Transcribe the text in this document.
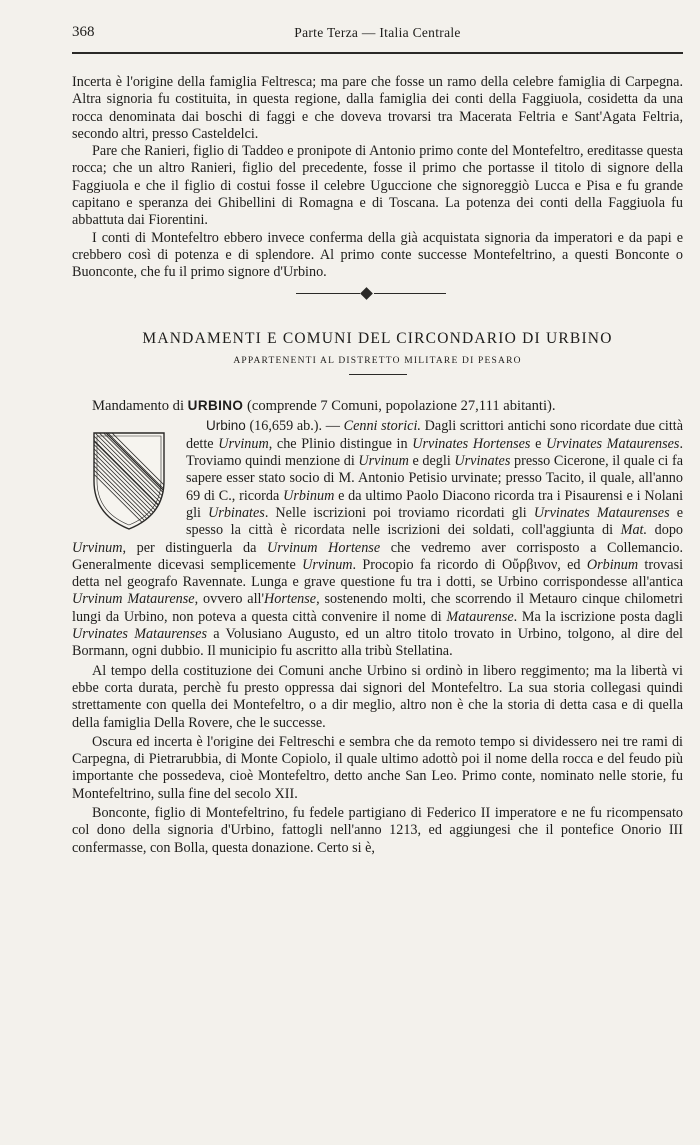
368	Parte Terza — Italia Centrale

Incerta è l'origine della famiglia Feltresca; ma pare che fosse un ramo della celebre famiglia di Carpegna. Altra signoria fu costituita, in questa regione, dalla famiglia dei conti della Faggiuola, cosidetta da una rocca denominata dai boschi di faggi e che doveva trovarsi tra Macerata Feltria e Sant'Agata Feltria, secondo altri, presso Casteldelci.

Pare che Ranieri, figlio di Taddeo e pronipote di Antonio primo conte del Montefeltro, ereditasse questa rocca; che un altro Ranieri, figlio del precedente, fosse il primo che portasse il titolo di signore della Faggiuola e che il figlio di costui fosse il celebre Uguccione che signoreggiò Lucca e Pisa e fu grande capitano e speranza dei Ghibellini di Romagna e di Toscana. La potenza dei conti della Faggiuola fu abbattuta dai Fiorentini.

I conti di Montefeltro ebbero invece conferma della già acquistata signoria da imperatori e da papi e crebbero così di potenza e di splendore. Al primo conte successe Montefeltrino, a questi Bonconte o Buonconte, che fu il primo signore d'Urbino.

MANDAMENTI E COMUNI DEL CIRCONDARIO DI URBINO
APPARTENENTI AL DISTRETTO MILITARE DI PESARO
Mandamento di URBINO (comprende 7 Comuni, popolazione 27,111 abitanti).

Urbino (16,659 ab.). — Cenni storici. Dagli scrittori antichi sono ricordate due città dette Urvinum, che Plinio distingue in Urvinates Hortenses e Urvinates Mataurenses. Troviamo quindi menzione di Urvinum e degli Urvinates presso Cicerone, il quale ci fa sapere esser stato socio di M. Antonio Petisio urvinate; presso Tacito, il quale, all'anno 69 di C., ricorda Urbinum e da ultimo Paolo Diacono ricorda tra i Pisaurensi e i Nolani gli Urbinates. Nelle iscrizioni poi troviamo ricordati gli Urvinates Mataurenses e spesso la città è ricordata nelle iscrizioni dei soldati, coll'aggiunta di Mat. dopo Urvinum, per distinguerla da Urvinum Hortense che vedremo aver corrisposto a Collemancio. Generalmente dicevasi semplicemente Urvinum. Procopio fa ricordo di Οὔρβινον, ed Orbinum trovasi detta nel geografo Ravennate. Lunga e grave questione fu tra i dotti, se Urbino corrispondesse all'antica Urvinum Mataurense, ovvero all'Hortense, sostenendo molti, che scorrendo il Metauro cinque chilometri lungi da Urbino, non poteva a questa città convenire il nome di Mataurense. Ma la iscrizione posta dagli Urvinates Mataurenses a Volusiano Augusto, ed un altro titolo trovato in Urbino, tolgono, al dire del Bormann, ogni dubbio. Il municipio fu ascritto alla tribù Stellatina.

Al tempo della costituzione dei Comuni anche Urbino si ordinò in libero reggimento; ma la libertà vi ebbe corta durata, perchè fu presto oppressa dai signori del Montefeltro. La sua storia collegasi quindi strettamente con quella dei Montefeltro, o a dir meglio, altro non è che la storia di detta casa e di quella della famiglia Della Rovere, che le successe.

Oscura ed incerta è l'origine dei Feltreschi e sembra che da remoto tempo si dividessero nei tre rami di Carpegna, di Pietrarubbia, di Monte Copiolo, il quale ultimo adottò poi il nome della rocca e del feudo più importante che possedeva, cioè Montefeltro, detto anche San Leo. Primo conte, nominato nelle storie, fu Montefeltrino, sulla fine del secolo XII.

Bonconte, figlio di Montefeltrino, fu fedele partigiano di Federico II imperatore e ne fu ricompensato col dono della signoria d'Urbino, fattogli nell'anno 1213, ed aggiungesi che il pontefice Onorio III confermasse, con Bolla, questa donazione. Certo si è,
